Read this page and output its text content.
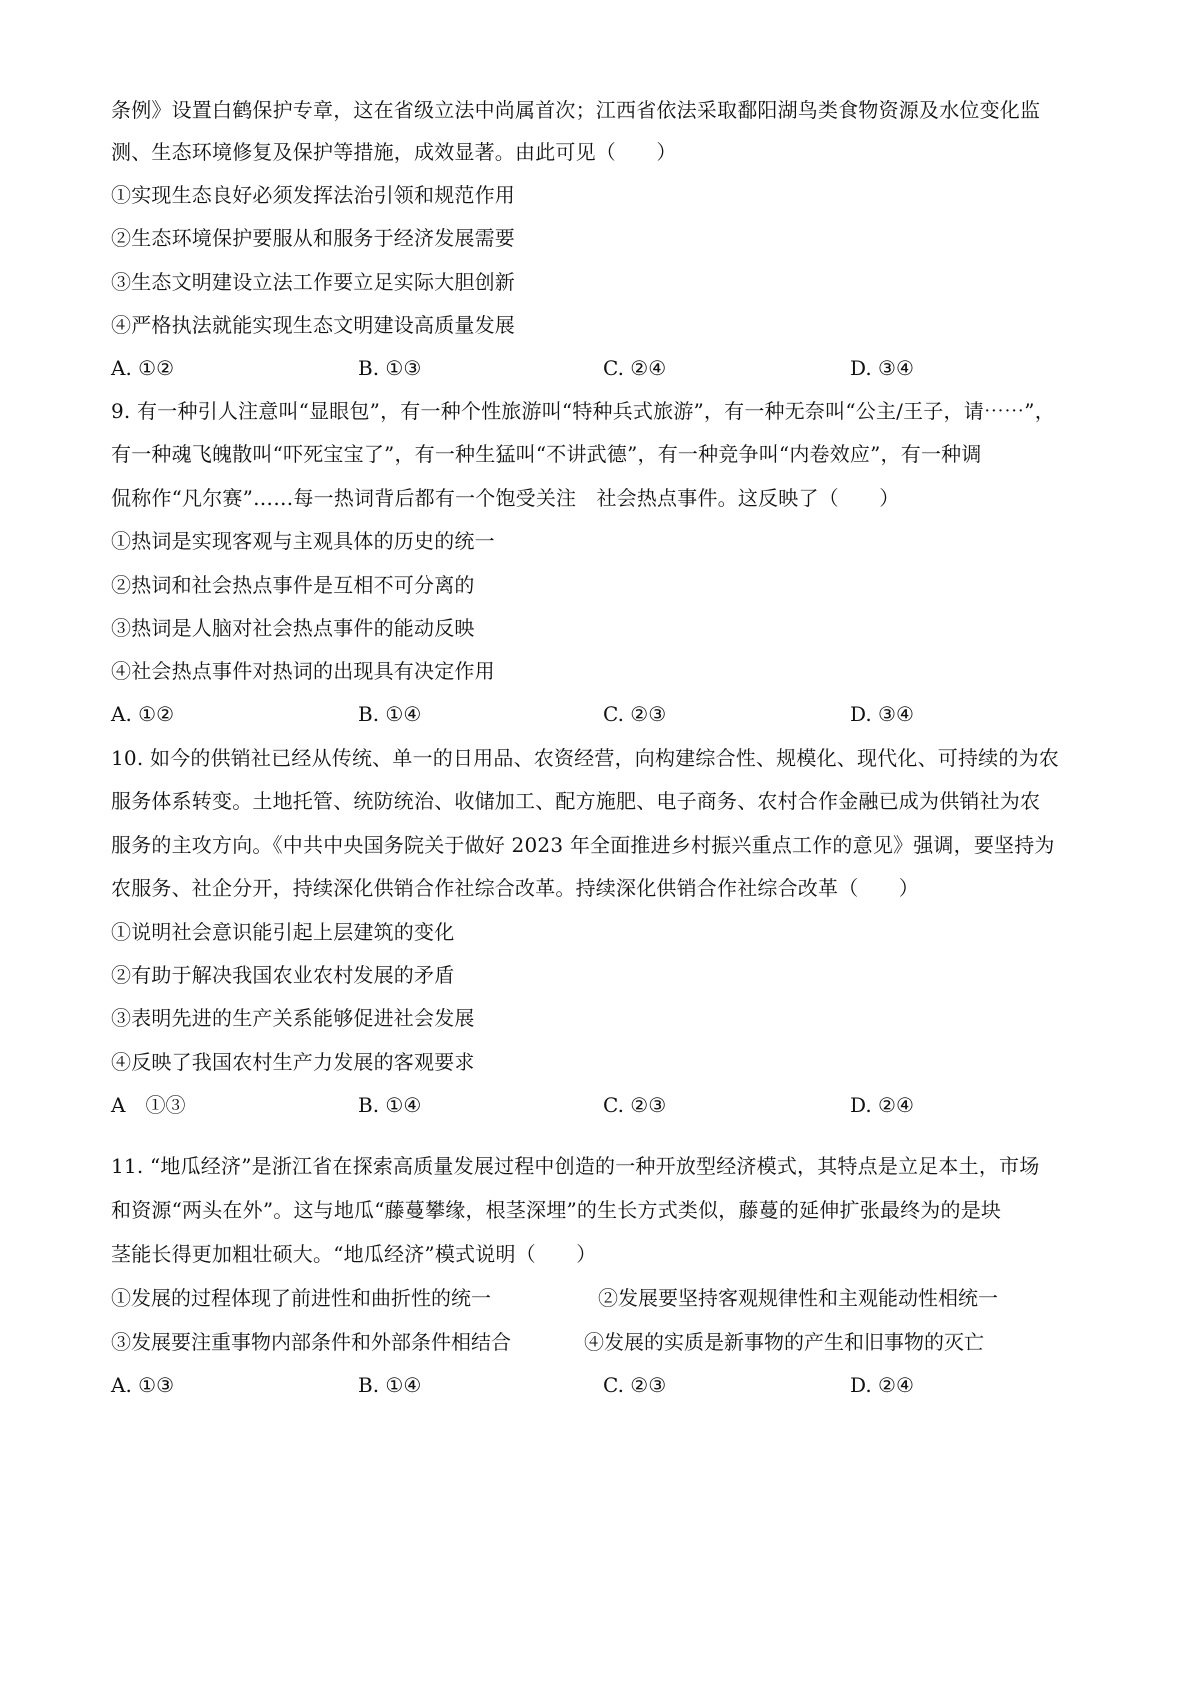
条例》设置白鹤保护专章，这在省级立法中尚属首次；江西省依法采取鄱阳湖鸟类食物资源及水位变化监
测、生态环境修复及保护等措施，成效显著。由此可见（　　）
①实现生态良好必须发挥法治引领和规范作用
②生态环境保护要服从和服务于经济发展需要
③生态文明建设立法工作要立足实际大胆创新
④严格执法就能实现生态文明建设高质量发展
A. ①②	B. ①③	C. ②④	D. ③④
9. 有一种引人注意叫“显眼包”，有一种个性旅游叫“特种兵式旅游”，有一种无奈叫“公主/王子，请⋯⋯”，
有一种魂飞魄散叫“吓死宝宝了”，有一种生猛叫“不讲武德”，有一种竞争叫“内卷效应”，有一种调
侃称作“凡尔赛”……每一热词背后都有一个饱受关注　社会热点事件。这反映了（　　）
①热词是实现客观与主观具体的历史的统一
②热词和社会热点事件是互相不可分离的
③热词是人脑对社会热点事件的能动反映
④社会热点事件对热词的出现具有决定作用
A. ①②	B. ①④	C. ②③	D. ③④
10. 如今的供销社已经从传统、单一的日用品、农资经营，向构建综合性、规模化、现代化、可持续的为农
服务体系转变。土地托管、统防统治、收储加工、配方施肥、电子商务、农村合作金融已成为供销社为农
服务的主攻方向。《中共中央国务院关于做好 2023 年全面推进乡村振兴重点工作的意见》强调，要坚持为
农服务、社企分开，持续深化供销合作社综合改革。持续深化供销合作社综合改革（　　）
①说明社会意识能引起上层建筑的变化
②有助于解决我国农业农村发展的矛盾
③表明先进的生产关系能够促进社会发展
④反映了我国农村生产力发展的客观要求
A　①③	B. ①④	C. ②③	D. ②④
11. “地瓜经济”是浙江省在探索高质量发展过程中创造的一种开放型经济模式，其特点是立足本土，市场
和资源“两头在外”。这与地瓜“藤蔓攀缘，根茎深埋”的生长方式类似，藤蔓的延伸扩张最终为的是块
茎能长得更加粗壮硕大。“地瓜经济”模式说明（　　）
①发展的过程体现了前进性和曲折性的统一	②发展要坚持客观规律性和主观能动性相统一
③发展要注重事物内部条件和外部条件相结合	④发展的实质是新事物的产生和旧事物的灭亡
A. ①③	B. ①④	C. ②③	D. ②④
